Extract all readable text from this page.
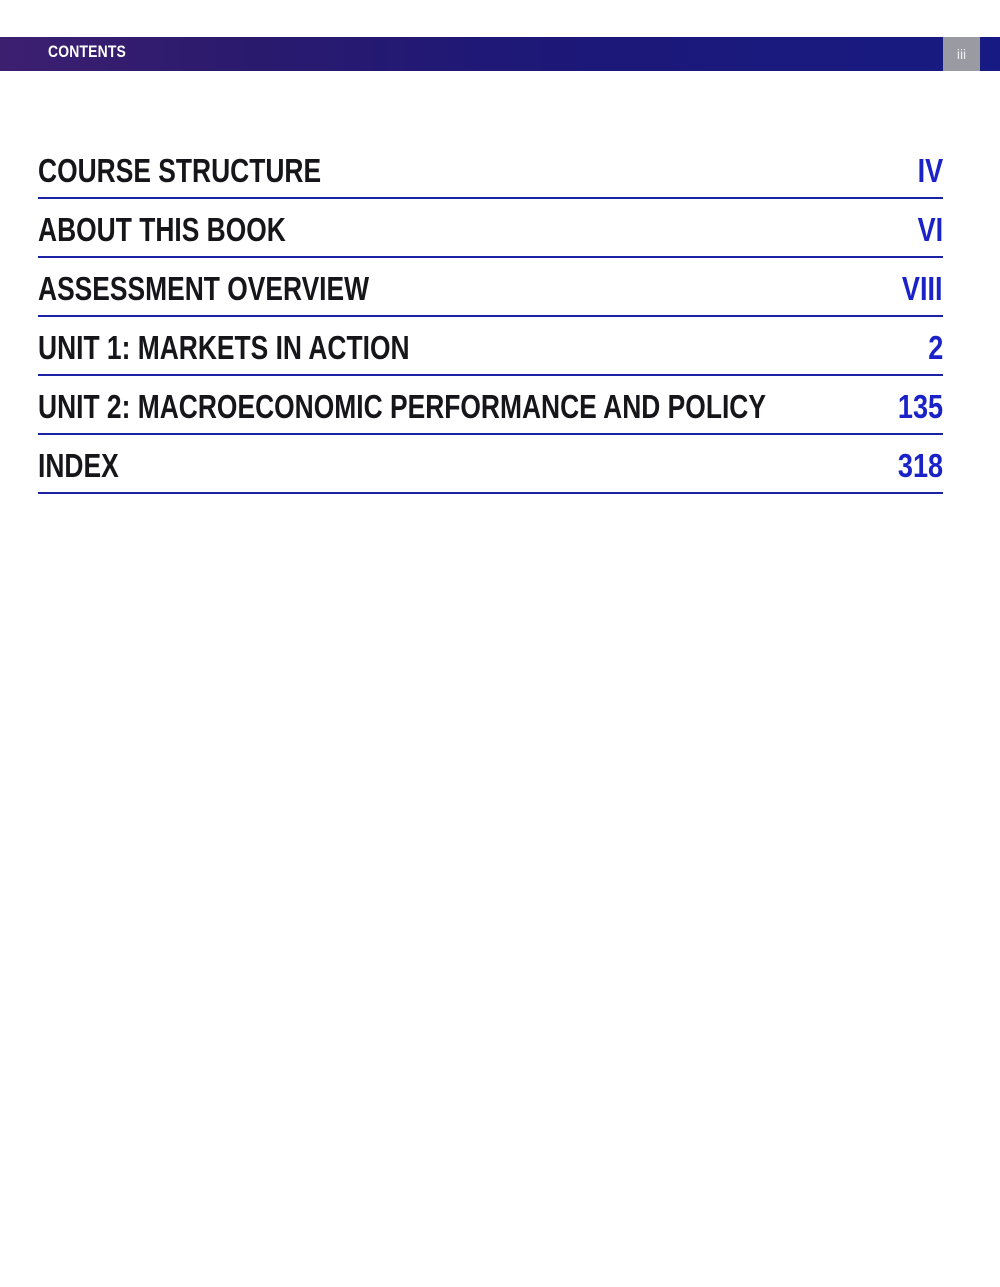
CONTENTS	iii
COURSE STRUCTURE	IV
ABOUT THIS BOOK	VI
ASSESSMENT OVERVIEW	VIII
UNIT 1: MARKETS IN ACTION	2
UNIT 2: MACROECONOMIC PERFORMANCE AND POLICY	135
INDEX	318
